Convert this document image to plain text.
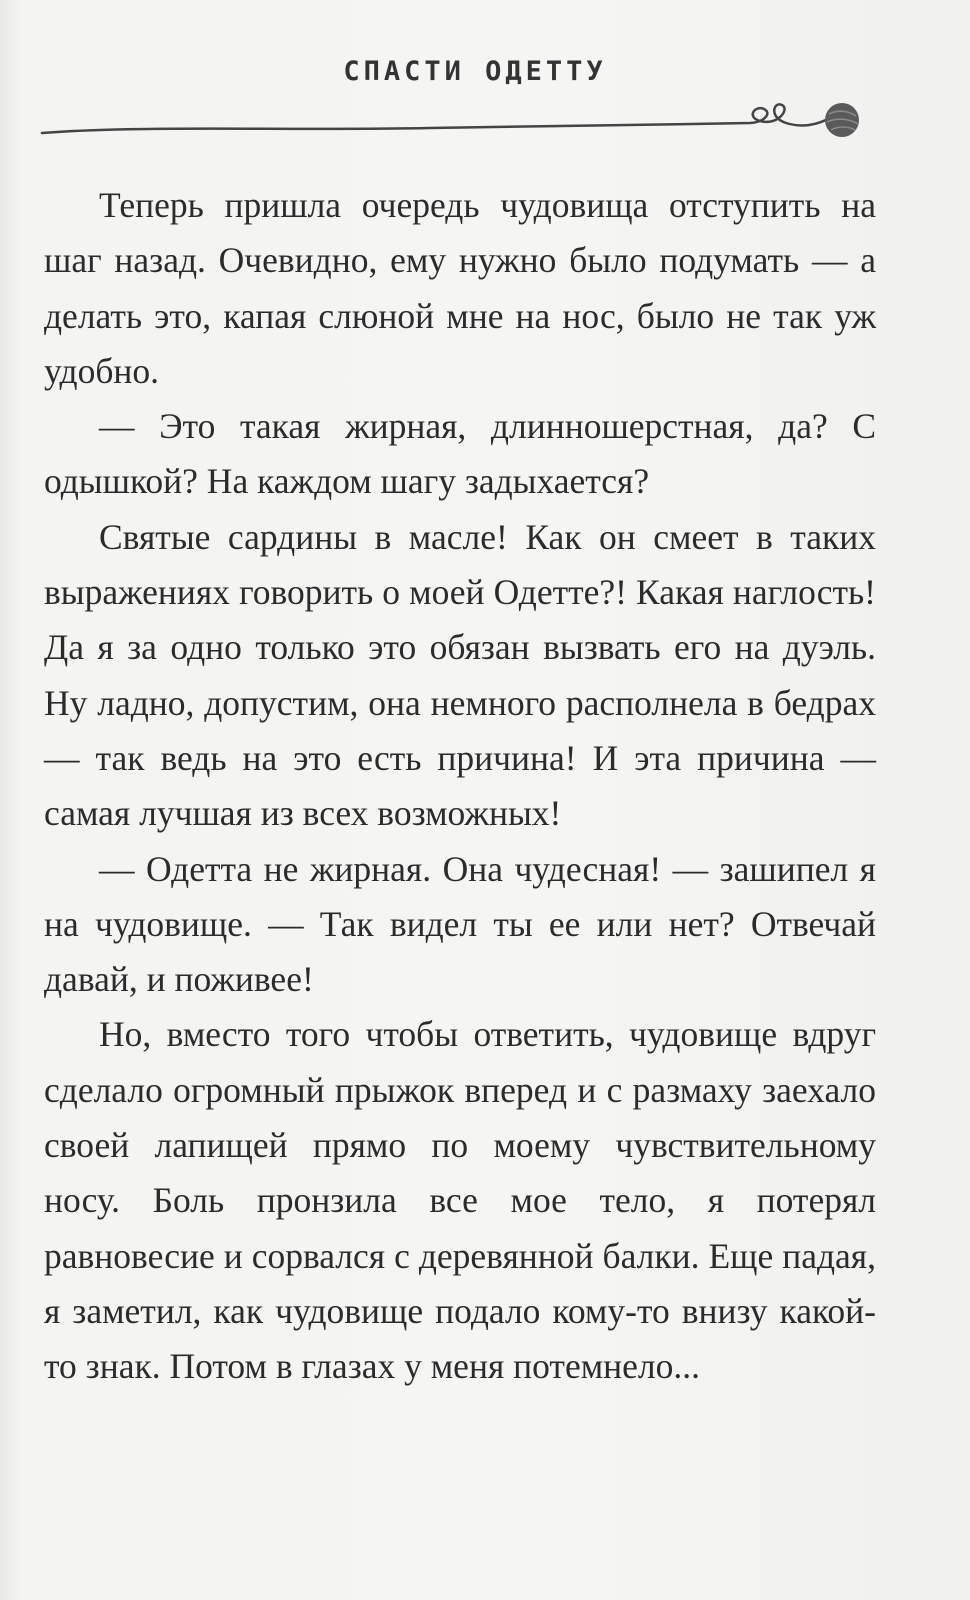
СПАСТИ ОДЕТТУ

Теперь пришла очередь чудовища отступить на шаг назад. Очевидно, ему нужно было подумать — а делать это, капая слюной мне на нос, было не так уж удобно.

— Это такая жирная, длинношерстная, да? С одышкой? На каждом шагу задыхается?

Святые сардины в масле! Как он смеет в таких выражениях говорить о моей Одетте?! Какая наглость! Да я за одно только это обязан вызвать его на дуэль. Ну ладно, допустим, она немного располнела в бедрах — так ведь на это есть причина! И эта причина — самая лучшая из всех возможных!

— Одетта не жирная. Она чудесная! — зашипел я на чудовище. — Так видел ты ее или нет? Отвечай давай, и поживее!

Но, вместо того чтобы ответить, чудовище вдруг сделало огромный прыжок вперед и с размаху заехало своей лапищей прямо по моему чувствительному носу. Боль пронзила все мое тело, я потерял равновесие и сорвался с деревянной балки. Еще падая, я заметил, как чудовище подало кому-то внизу какой-то знак. Потом в глазах у меня потемнело...
